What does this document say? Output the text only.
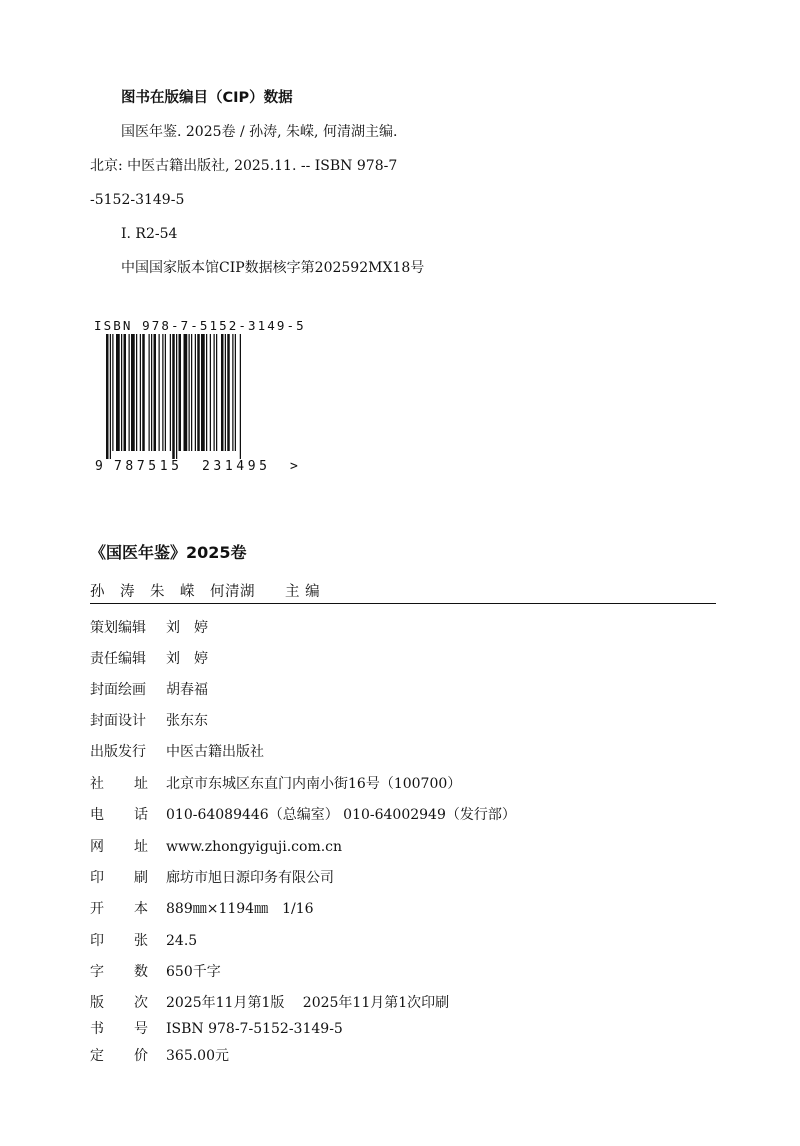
图书在版编目（CIP）数据
国医年鉴. 2025卷 / 孙涛, 朱嵘, 何清湖主编.
北京: 中医古籍出版社, 2025.11. -- ISBN 978-7
-5152-3149-5
Ⅰ. R2-54
中国国家版本馆CIP数据核字第202592MX18号
ISBN 978-7-5152-3149-5
9 787515 231495 >
《国医年鉴》2025卷
孙　涛　朱　嵘　何清湖　　主 编
策划编辑 刘　婷
责任编辑 刘　婷
封面绘画 胡春福
封面设计 张东东
出版发行 中医古籍出版社
社 址 北京市东城区东直门内南小街16号（100700）
电 话 010-64089446（总编室） 010-64002949（发行部）
网 址 www.zhongyiguji.com.cn
印 刷 廊坊市旭日源印务有限公司
开 本 889㎜×1194㎜　1/16
印 张 24.5
字 数 650千字
版 次 2025年11月第1版　 2025年11月第1次印刷
书 号 ISBN 978-7-5152-3149-5
定 价 365.00元
